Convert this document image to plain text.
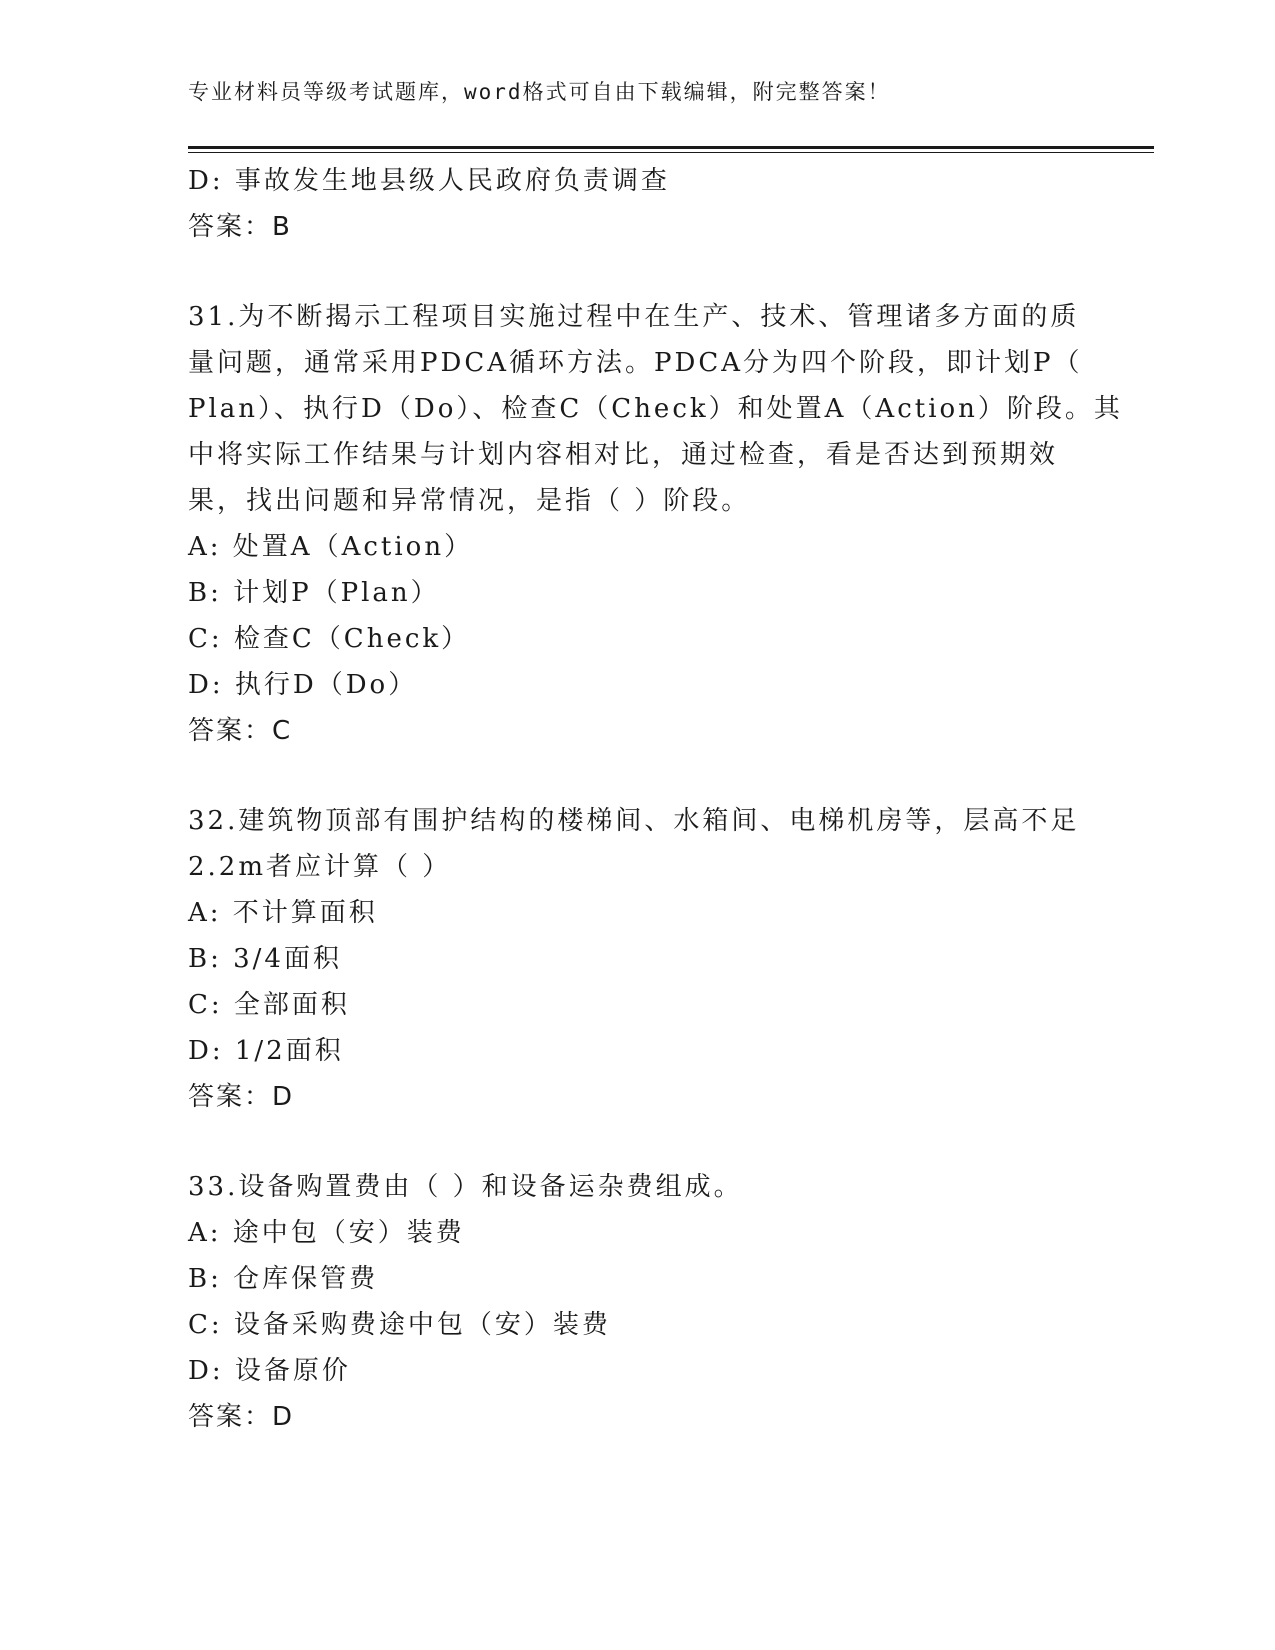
专业材料员等级考试题库，word格式可自由下载编辑，附完整答案！
D: 事故发生地县级人民政府负责调查
答案：B
31.为不断揭示工程项目实施过程中在生产、技术、管理诸多方面的质
量问题，通常采用PDCA循环方法。PDCA分为四个阶段，即计划P（
Plan）、执行D（Do）、检查C（Check）和处置A（Action）阶段。其
中将实际工作结果与计划内容相对比，通过检查，看是否达到预期效
果，找出问题和异常情况，是指（ ）阶段。
A: 处置A（Action）
B: 计划P（Plan）
C: 检查C（Check）
D: 执行D（Do）
答案：C
32.建筑物顶部有围护结构的楼梯间、水箱间、电梯机房等，层高不足
2.2m者应计算（ ）
A: 不计算面积
B: 3/4面积
C: 全部面积
D: 1/2面积
答案：D
33.设备购置费由（ ）和设备运杂费组成。
A: 途中包（安）装费
B: 仓库保管费
C: 设备采购费途中包（安）装费
D: 设备原价
答案：D
